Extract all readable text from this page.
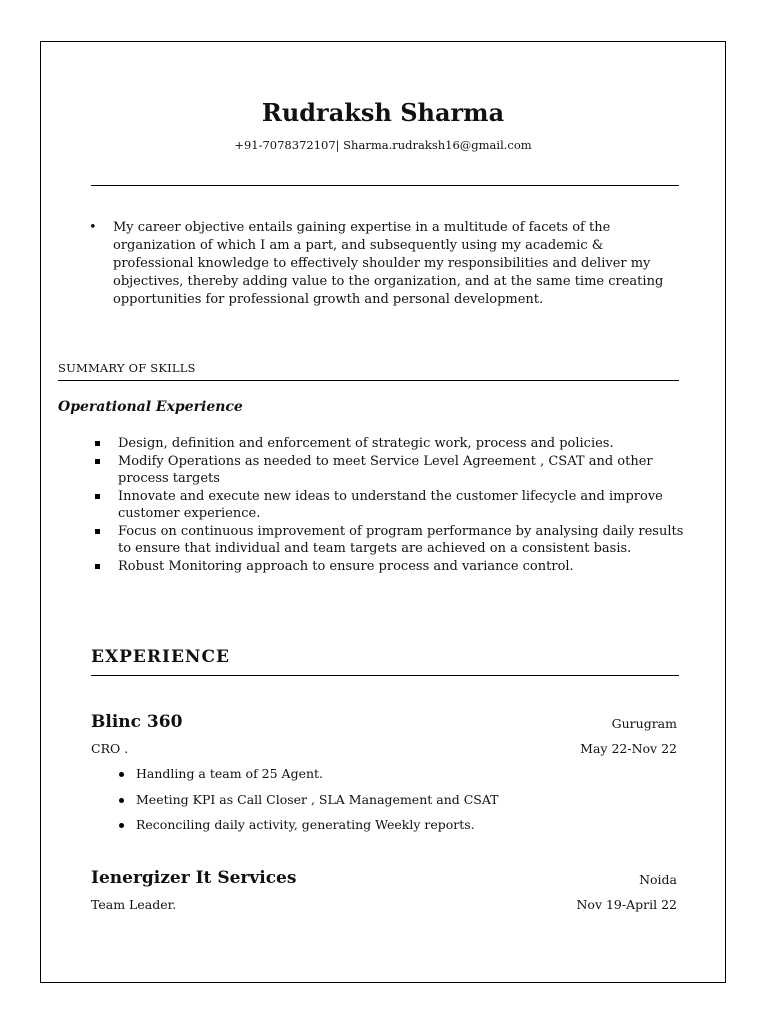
Rudraksh Sharma
+91-7078372107| Sharma.rudraksh16@gmail.com
• My career objective entails gaining expertise in a multitude of facets of the organization of which I am a part, and subsequently using my academic & professional knowledge to effectively shoulder my responsibilities and deliver my objectives, thereby adding value to the organization, and at the same time creating opportunities for professional growth and personal development.
SUMMARY OF SKILLS
Operational Experience
Design, definition and enforcement of strategic work, process and policies.
Modify Operations as needed to meet Service Level Agreement , CSAT and other process targets
Innovate and execute new ideas to understand the customer lifecycle and improve customer experience.
Focus on continuous improvement of program performance by analysing daily results to ensure that individual and team targets are achieved on a consistent basis.
Robust Monitoring approach to ensure process and variance control.
EXPERIENCE
Blinc 360	Gurugram
CRO .	May 22-Nov 22
Handling a team of 25 Agent.
Meeting KPI as Call Closer , SLA Management and CSAT
Reconciling daily activity, generating Weekly reports.
Ienergizer It Services	Noida
Team Leader.	Nov 19-April 22
